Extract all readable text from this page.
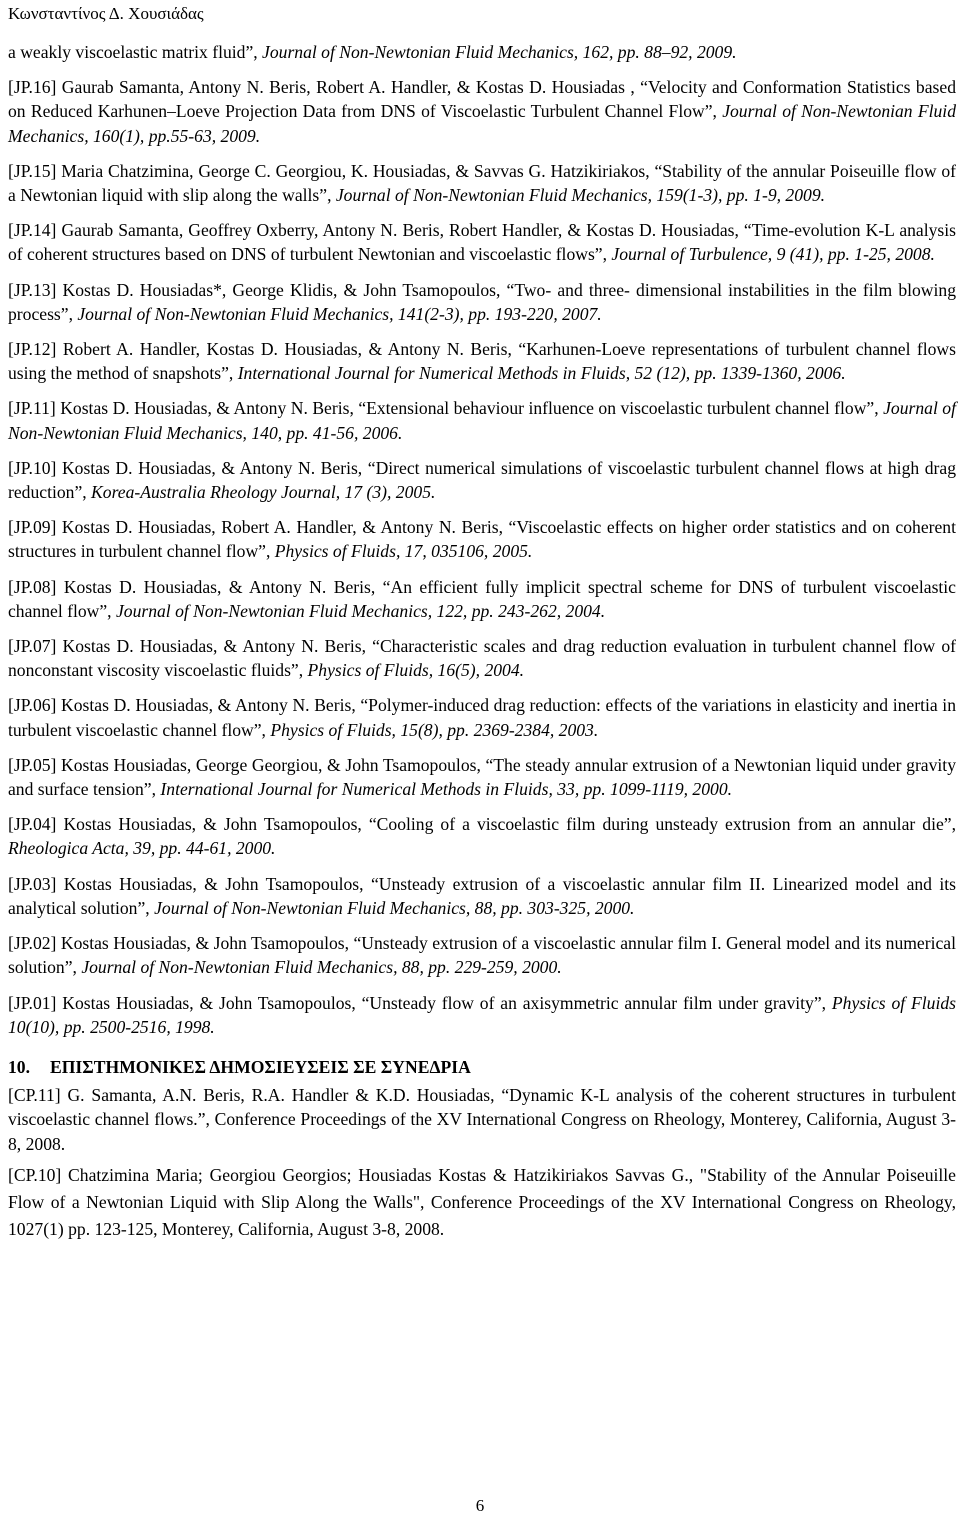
Κωνσταντίνος Δ. Χουσιάδας

a weakly viscoelastic matrix fluid”, Journal of Non-Newtonian Fluid Mechanics, 162, pp. 88–92, 2009.

[JP.16] Gaurab Samanta, Antony N. Beris, Robert A. Handler, & Kostas D. Housiadas , “Velocity and Conformation Statistics based on Reduced Karhunen–Loeve Projection Data from DNS of Viscoelastic Turbulent Channel Flow”, Journal of Non-Newtonian Fluid Mechanics, 160(1), pp.55-63, 2009.

[JP.15] Maria Chatzimina, George C. Georgiou, K. Housiadas, & Savvas G. Hatzikiriakos, “Stability of the annular Poiseuille flow of a Newtonian liquid with slip along the walls”, Journal of Non-Newtonian Fluid Mechanics, 159(1-3), pp. 1-9, 2009.

[JP.14] Gaurab Samanta, Geoffrey Oxberry, Antony N. Beris, Robert Handler, & Kostas D. Housiadas, “Time-evolution K-L analysis of coherent structures based on DNS of turbulent Newtonian and viscoelastic flows”, Journal of Turbulence, 9 (41), pp. 1-25, 2008.

[JP.13] Kostas D. Housiadas*, George Klidis, & John Tsamopoulos, “Two- and three- dimensional instabilities in the film blowing process”, Journal of Non-Newtonian Fluid Mechanics, 141(2-3), pp. 193-220, 2007.

[JP.12] Robert A. Handler, Kostas D. Housiadas, & Antony N. Beris, “Karhunen-Loeve representations of turbulent channel flows using the method of snapshots”, International Journal for Numerical Methods in Fluids, 52 (12), pp. 1339-1360, 2006.

[JP.11] Kostas D. Housiadas, & Antony N. Beris, “Extensional behaviour influence on viscoelastic turbulent channel flow”, Journal of Non-Newtonian Fluid Mechanics, 140, pp. 41-56, 2006.

[JP.10] Kostas D. Housiadas, & Antony N. Beris, “Direct numerical simulations of viscoelastic turbulent channel flows at high drag reduction”, Korea-Australia Rheology Journal, 17 (3), 2005.

[JP.09] Kostas D. Housiadas, Robert A. Handler, & Antony N. Beris, “Viscoelastic effects on higher order statistics and on coherent structures in turbulent channel flow”, Physics of Fluids, 17, 035106, 2005.

[JP.08] Kostas D. Housiadas, & Antony N. Beris, “An efficient fully implicit spectral scheme for DNS of turbulent viscoelastic channel flow”, Journal of Non-Newtonian Fluid Mechanics, 122, pp. 243-262, 2004.

[JP.07] Kostas D. Housiadas, & Antony N. Beris, “Characteristic scales and drag reduction evaluation in turbulent channel flow of nonconstant viscosity viscoelastic fluids”, Physics of Fluids, 16(5), 2004.

[JP.06] Kostas D. Housiadas, & Antony N. Beris, “Polymer-induced drag reduction: effects of the variations in elasticity and inertia in turbulent viscoelastic channel flow”, Physics of Fluids, 15(8), pp. 2369-2384, 2003.

[JP.05] Kostas Housiadas, George Georgiou, & John Tsamopoulos, “The steady annular extrusion of a Newtonian liquid under gravity and surface tension”, International Journal for Numerical Methods in Fluids, 33, pp. 1099-1119, 2000.

[JP.04] Kostas Housiadas, & John Tsamopoulos, “Cooling of a viscoelastic film during unsteady extrusion from an annular die”, Rheologica Acta, 39, pp. 44-61, 2000.

[JP.03] Kostas Housiadas, & John Tsamopoulos, “Unsteady extrusion of a viscoelastic annular film II. Linearized model and its analytical solution”, Journal of Non-Newtonian Fluid Mechanics, 88, pp. 303-325, 2000.

[JP.02] Kostas Housiadas, & John Tsamopoulos, “Unsteady extrusion of a viscoelastic annular film I. General model and its numerical solution”, Journal of Non-Newtonian Fluid Mechanics, 88, pp. 229-259, 2000.

[JP.01] Kostas Housiadas, & John Tsamopoulos, “Unsteady flow of an axisymmetric annular film under gravity”, Physics of Fluids 10(10), pp. 2500-2516, 1998.

10. ΕΠΙΣΤΗΜΟΝΙΚΕΣ ΔΗΜΟΣΙΕΥΣΕΙΣ ΣΕ ΣΥΝΕΔΡΙΑ

[CP.11] G. Samanta, A.N. Beris, R.A. Handler & K.D. Housiadas, “Dynamic K-L analysis of the coherent structures in turbulent viscoelastic channel flows.”, Conference Proceedings of the XV International Congress on Rheology, Monterey, California, August 3-8, 2008.

[CP.10] Chatzimina Maria; Georgiou Georgios; Housiadas Kostas & Hatzikiriakos Savvas G., "Stability of the Annular Poiseuille Flow of a Newtonian Liquid with Slip Along the Walls", Conference Proceedings of the XV International Congress on Rheology, 1027(1) pp. 123-125, Monterey, California, August 3-8, 2008.

6
